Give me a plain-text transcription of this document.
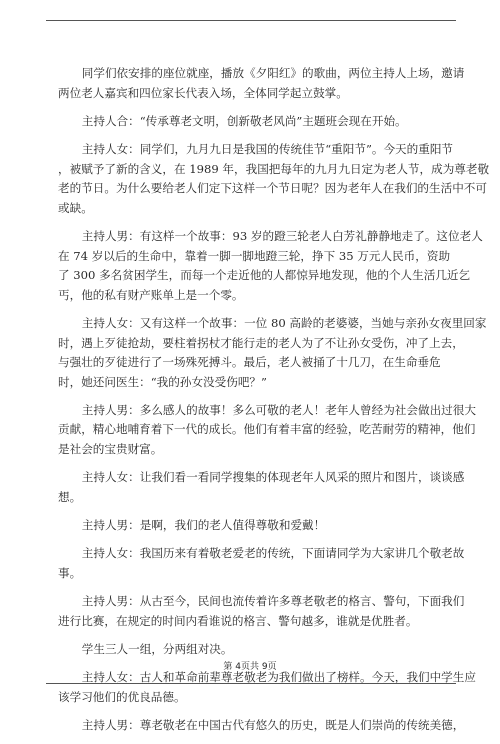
同学们依安排的座位就座，播放《夕阳红》的歌曲，两位主持人上场，邀请
两位老人嘉宾和四位家长代表入场，全体同学起立鼓掌。

主持人合：“传承尊老文明，创新敬老风尚”主题班会现在开始。

主持人女：同学们，九月九日是我国的传统佳节“重阳节”。今天的重阳节
，被赋予了新的含义，在 1989 年，我国把每年的九月九日定为老人节，成为尊老敬
老的节日。为什么要给老人们定下这样一个节日呢？因为老年人在我们的生活中不可
或缺。

主持人男：有这样一个故事：93 岁的蹬三轮老人白芳礼静静地走了。这位老人
在 74 岁以后的生命中，靠着一脚一脚地蹬三轮，挣下 35 万元人民币，资助
了 300 多名贫困学生，而每一个走近他的人都惊异地发现，他的个人生活几近乞
丐，他的私有财产账单上是一个零。

主持人女：又有这样一个故事：一位 80 高龄的老婆婆，当她与亲孙女夜里回家
时，遇上歹徒抢劫，要柱着拐杖才能行走的老人为了不让孙女受伤，冲了上去，
与强壮的歹徒进行了一场殊死搏斗。最后，老人被捅了十几刀，在生命垂危
时，她还问医生：“我的孙女没受伤吧？”

主持人男：多么感人的故事！多么可敬的老人！老年人曾经为社会做出过很大
贡献，精心地哺育着下一代的成长。他们有着丰富的经验，吃苦耐劳的精神，他们
是社会的宝贵财富。

主持人女：让我们看一看同学搜集的体现老年人风采的照片和图片，谈谈感
想。

主持人男：是啊，我们的老人值得尊敬和爱戴！

主持人女：我国历来有着敬老爱老的传统，下面请同学为大家讲几个敬老故
事。

主持人男：从古至今，民间也流传着许多尊老敬老的格言、警句，下面我们
进行比赛，在规定的时间内看谁说的格言、警句越多，谁就是优胜者。

学生三人一组，分两组对决。

主持人女：古人和革命前辈尊老敬老为我们做出了榜样。今天，我们中学生应
该学习他们的优良品德。

主持人男：尊老敬老在中国古代有悠久的历史，既是人们崇尚的传统美德，

第 4页共 9页
